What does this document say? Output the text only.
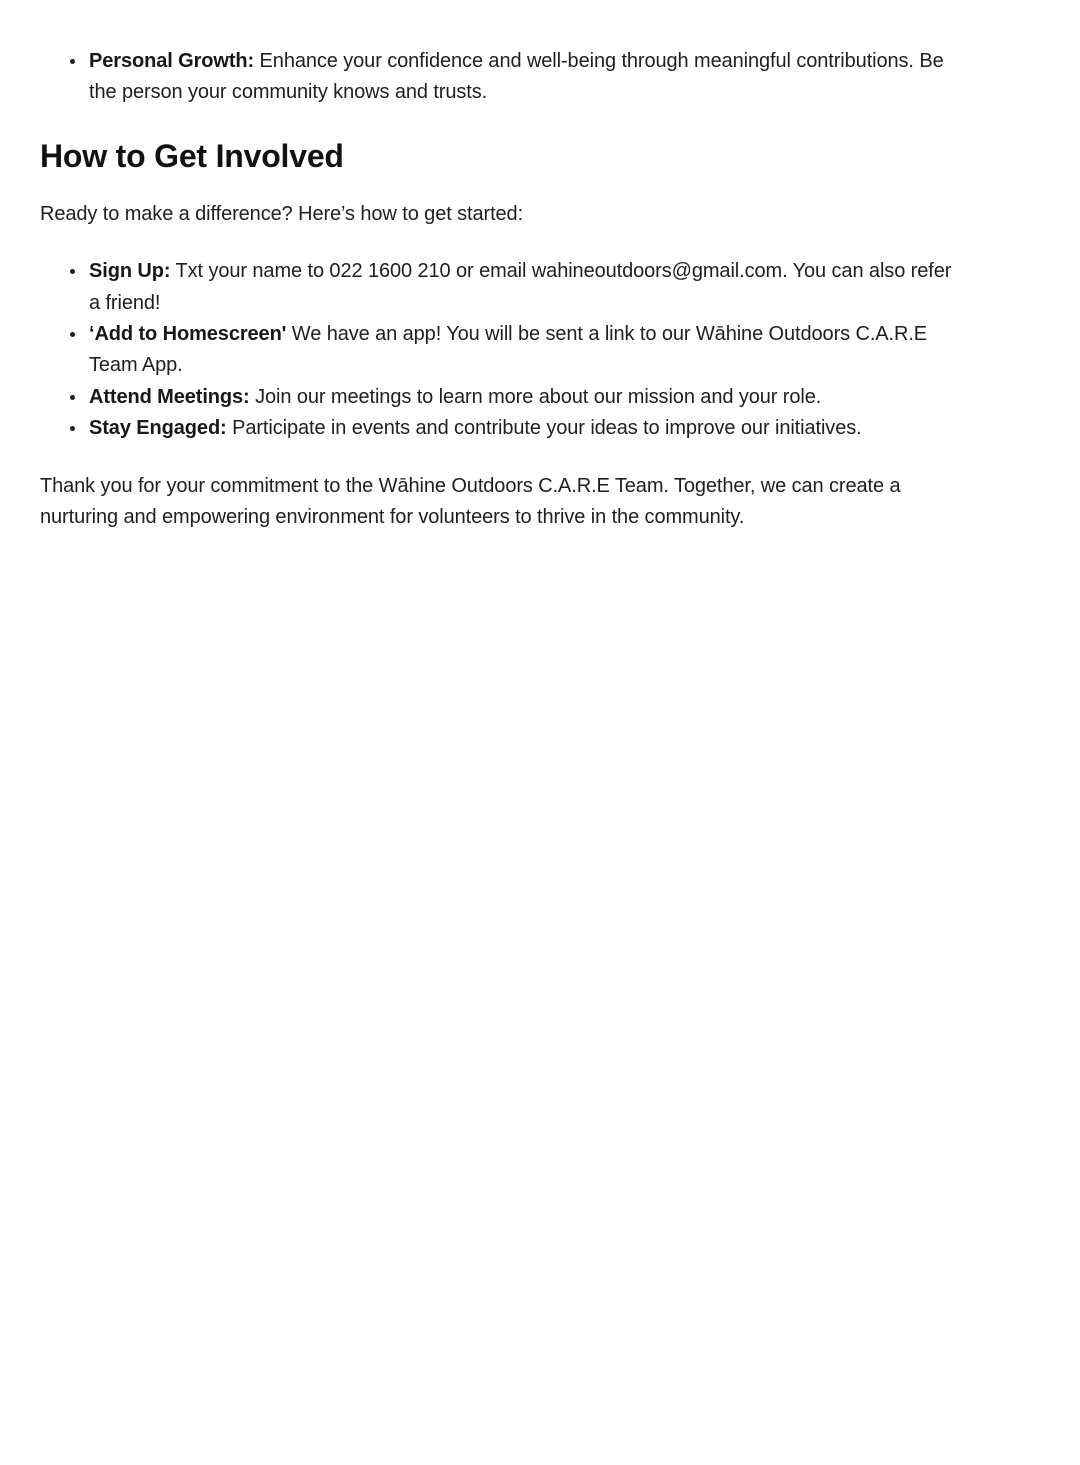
• Personal Growth: Enhance your confidence and well-being through meaningful contributions. Be the person your community knows and trusts.
How to Get Involved

Ready to make a difference? Here’s how to get started:

• Sign Up: Txt your name to 022 1600 210 or email wahineoutdoors@gmail.com. You can also refer a friend!
• ‘Add to Homescreen' We have an app! You will be sent a link to our Wāhine Outdoors C.A.R.E Team App.
• Attend Meetings: Join our meetings to learn more about our mission and your role.
• Stay Engaged: Participate in events and contribute your ideas to improve our initiatives.

Thank you for your commitment to the Wāhine Outdoors C.A.R.E Team. Together, we can create a nurturing and empowering environment for volunteers to thrive in the community.
